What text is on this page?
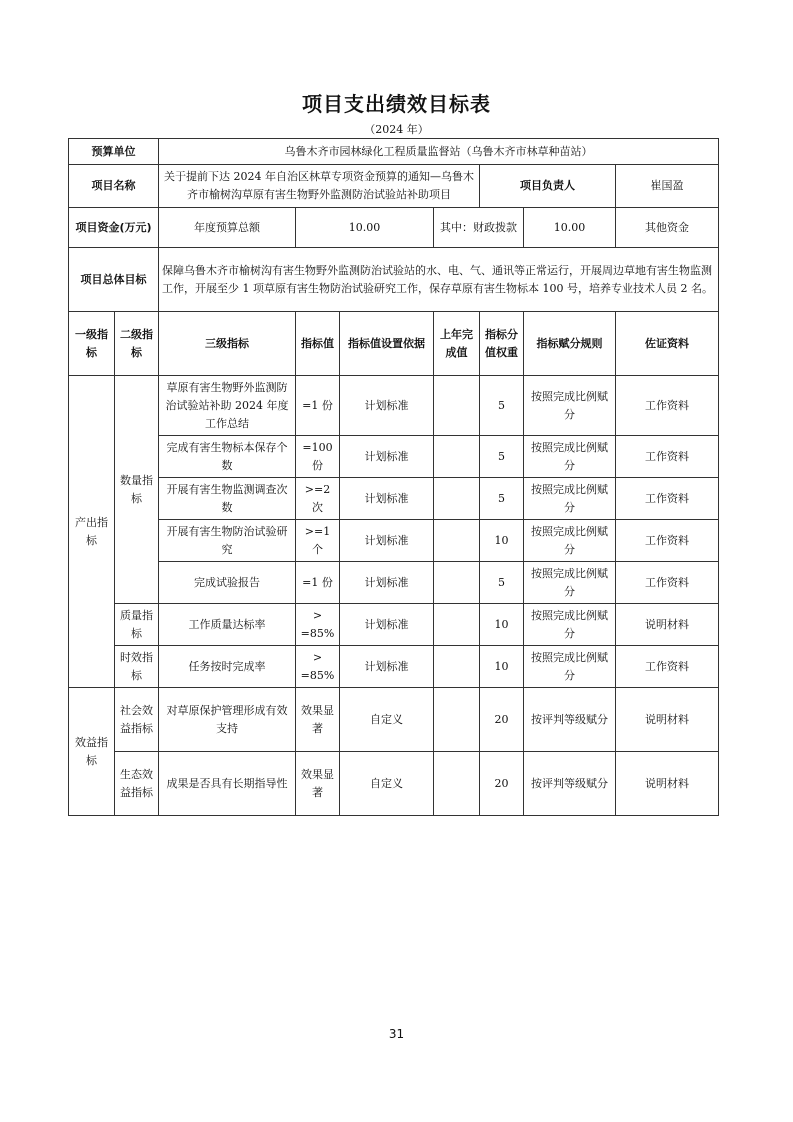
项目支出绩效目标表
（2024 年）
预算单位		乌鲁木齐市园林绿化工程质量监督站（乌鲁木齐市林草种苗站）						
项目名称		关于提前下达 2024 年自治区林草专项资金预算的通知—乌鲁木齐市榆树沟草原有害生物野外监测防治试验站补助项目				项目负责人		崔国盈
项目资金(万元)		年度预算总额	10.00		其中：财政拨款		10.00	其他资金
项目总体目标		保障乌鲁木齐市榆树沟有害生物野外监测防治试验站的水、电、气、通讯等正常运行，开展周边草地有害生物监测工作，开展至少 1 项草原有害生物防治试验研究工作，保存草原有害生物标本 100 号，培养专业技术人员 2 名。						
一级指标	二级指标	三级指标	指标值	指标值设置依据	上年完成值	指标分值权重	指标赋分规则	佐证资料
产出指标	数量指标	草原有害生物野外监测防治试验站补助 2024 年度工作总结	=1 份	计划标准		5	按照完成比例赋分	工作资料
		完成有害生物标本保存个数	=100 份	计划标准		5	按照完成比例赋分	工作资料
		开展有害生物监测调查次数	>=2 次	计划标准		5	按照完成比例赋分	工作资料
		开展有害生物防治试验研究	>=1 个	计划标准		10	按照完成比例赋分	工作资料
		完成试验报告	=1 份	计划标准		5	按照完成比例赋分	工作资料
	质量指标	工作质量达标率	> =85%	计划标准		10	按照完成比例赋分	说明材料
	时效指标	任务按时完成率	> =85%	计划标准		10	按照完成比例赋分	工作资料
效益指标	社会效益指标	对草原保护管理形成有效支持	效果显著	自定义		20	按评判等级赋分	说明材料
	生态效益指标	成果是否具有长期指导性	效果显著	自定义		20	按评判等级赋分	说明材料
31
